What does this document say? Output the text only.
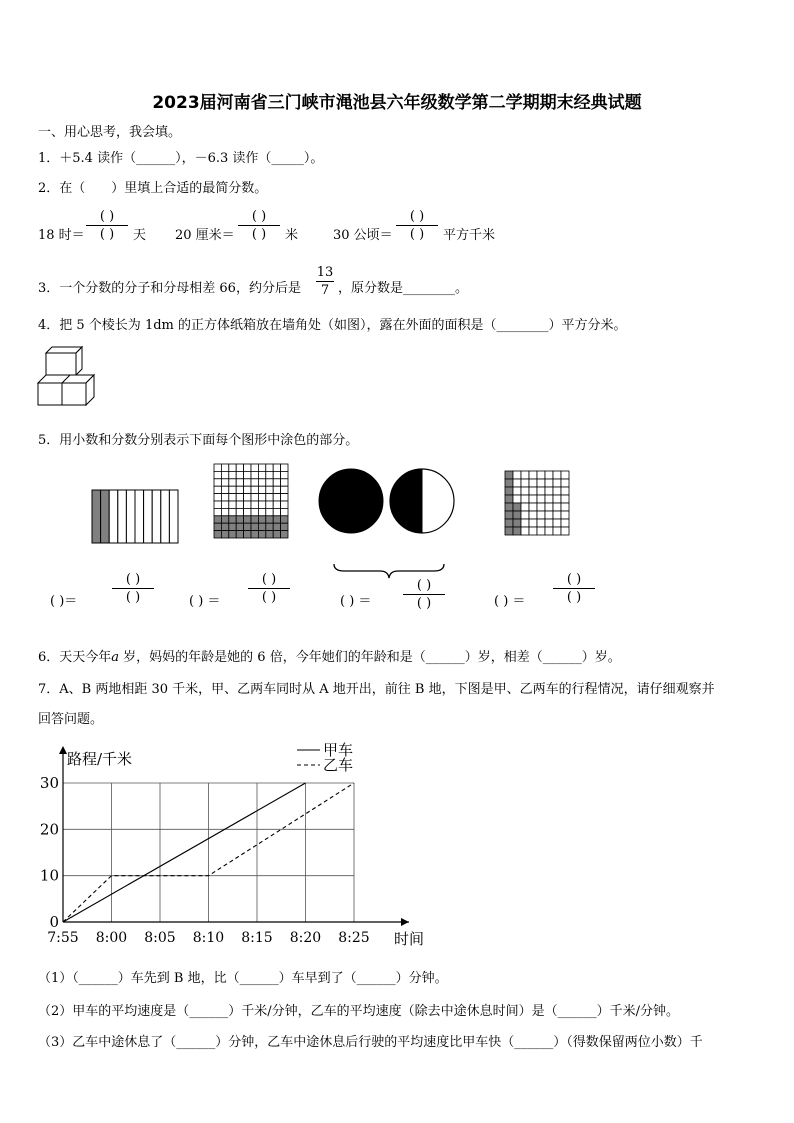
2023届河南省三门峡市渑池县六年级数学第二学期期末经典试题
一、用心思考，我会填。
1．＋5.4 读作（______），－6.3 读作（_____）。
2．在（　　）里填上合适的最简分数。
18 时＝
( )
( )	天 20 厘米＝
( )
( )	米	30 公顷＝
( )
( )	平方千米
3．一个分数的分子和分母相差 66，约分后是
13
7 ，原分数是________。
4．把 5 个棱长为 1dm 的正方体纸箱放在墙角处（如图），露在外面的面积是（________）平方分米。
5．用小数和分数分别表示下面每个图形中涂色的部分。
( )＝
( )
( )	( ) ＝
( )
( )	( ) ＝
( )
( )	( ) ＝
( )
( )
6．天天今年a 岁，妈妈的年龄是她的 6 倍，今年她们的年龄和是（______）岁，相差（______）岁。
7．A、B 两地相距 30 千米，甲、乙两车同时从 A 地开出，前往 B 地，下图是甲、乙两车的行程情况，请仔细观察并
回答问题。
0
10
20
30
7:55 8:00 8:05 8:10 8:15 8:20 8:25 时间
路程/千米	甲车
乙车
（1）（______）车先到 B 地，比（______）车早到了（______）分钟。
（2）甲车的平均速度是（______）千米/分钟，乙车的平均速度（除去中途休息时间）是（______）千米/分钟。
（3）乙车中途休息了（______）分钟，乙车中途休息后行驶的平均速度比甲车快（______）（得数保留两位小数）千
